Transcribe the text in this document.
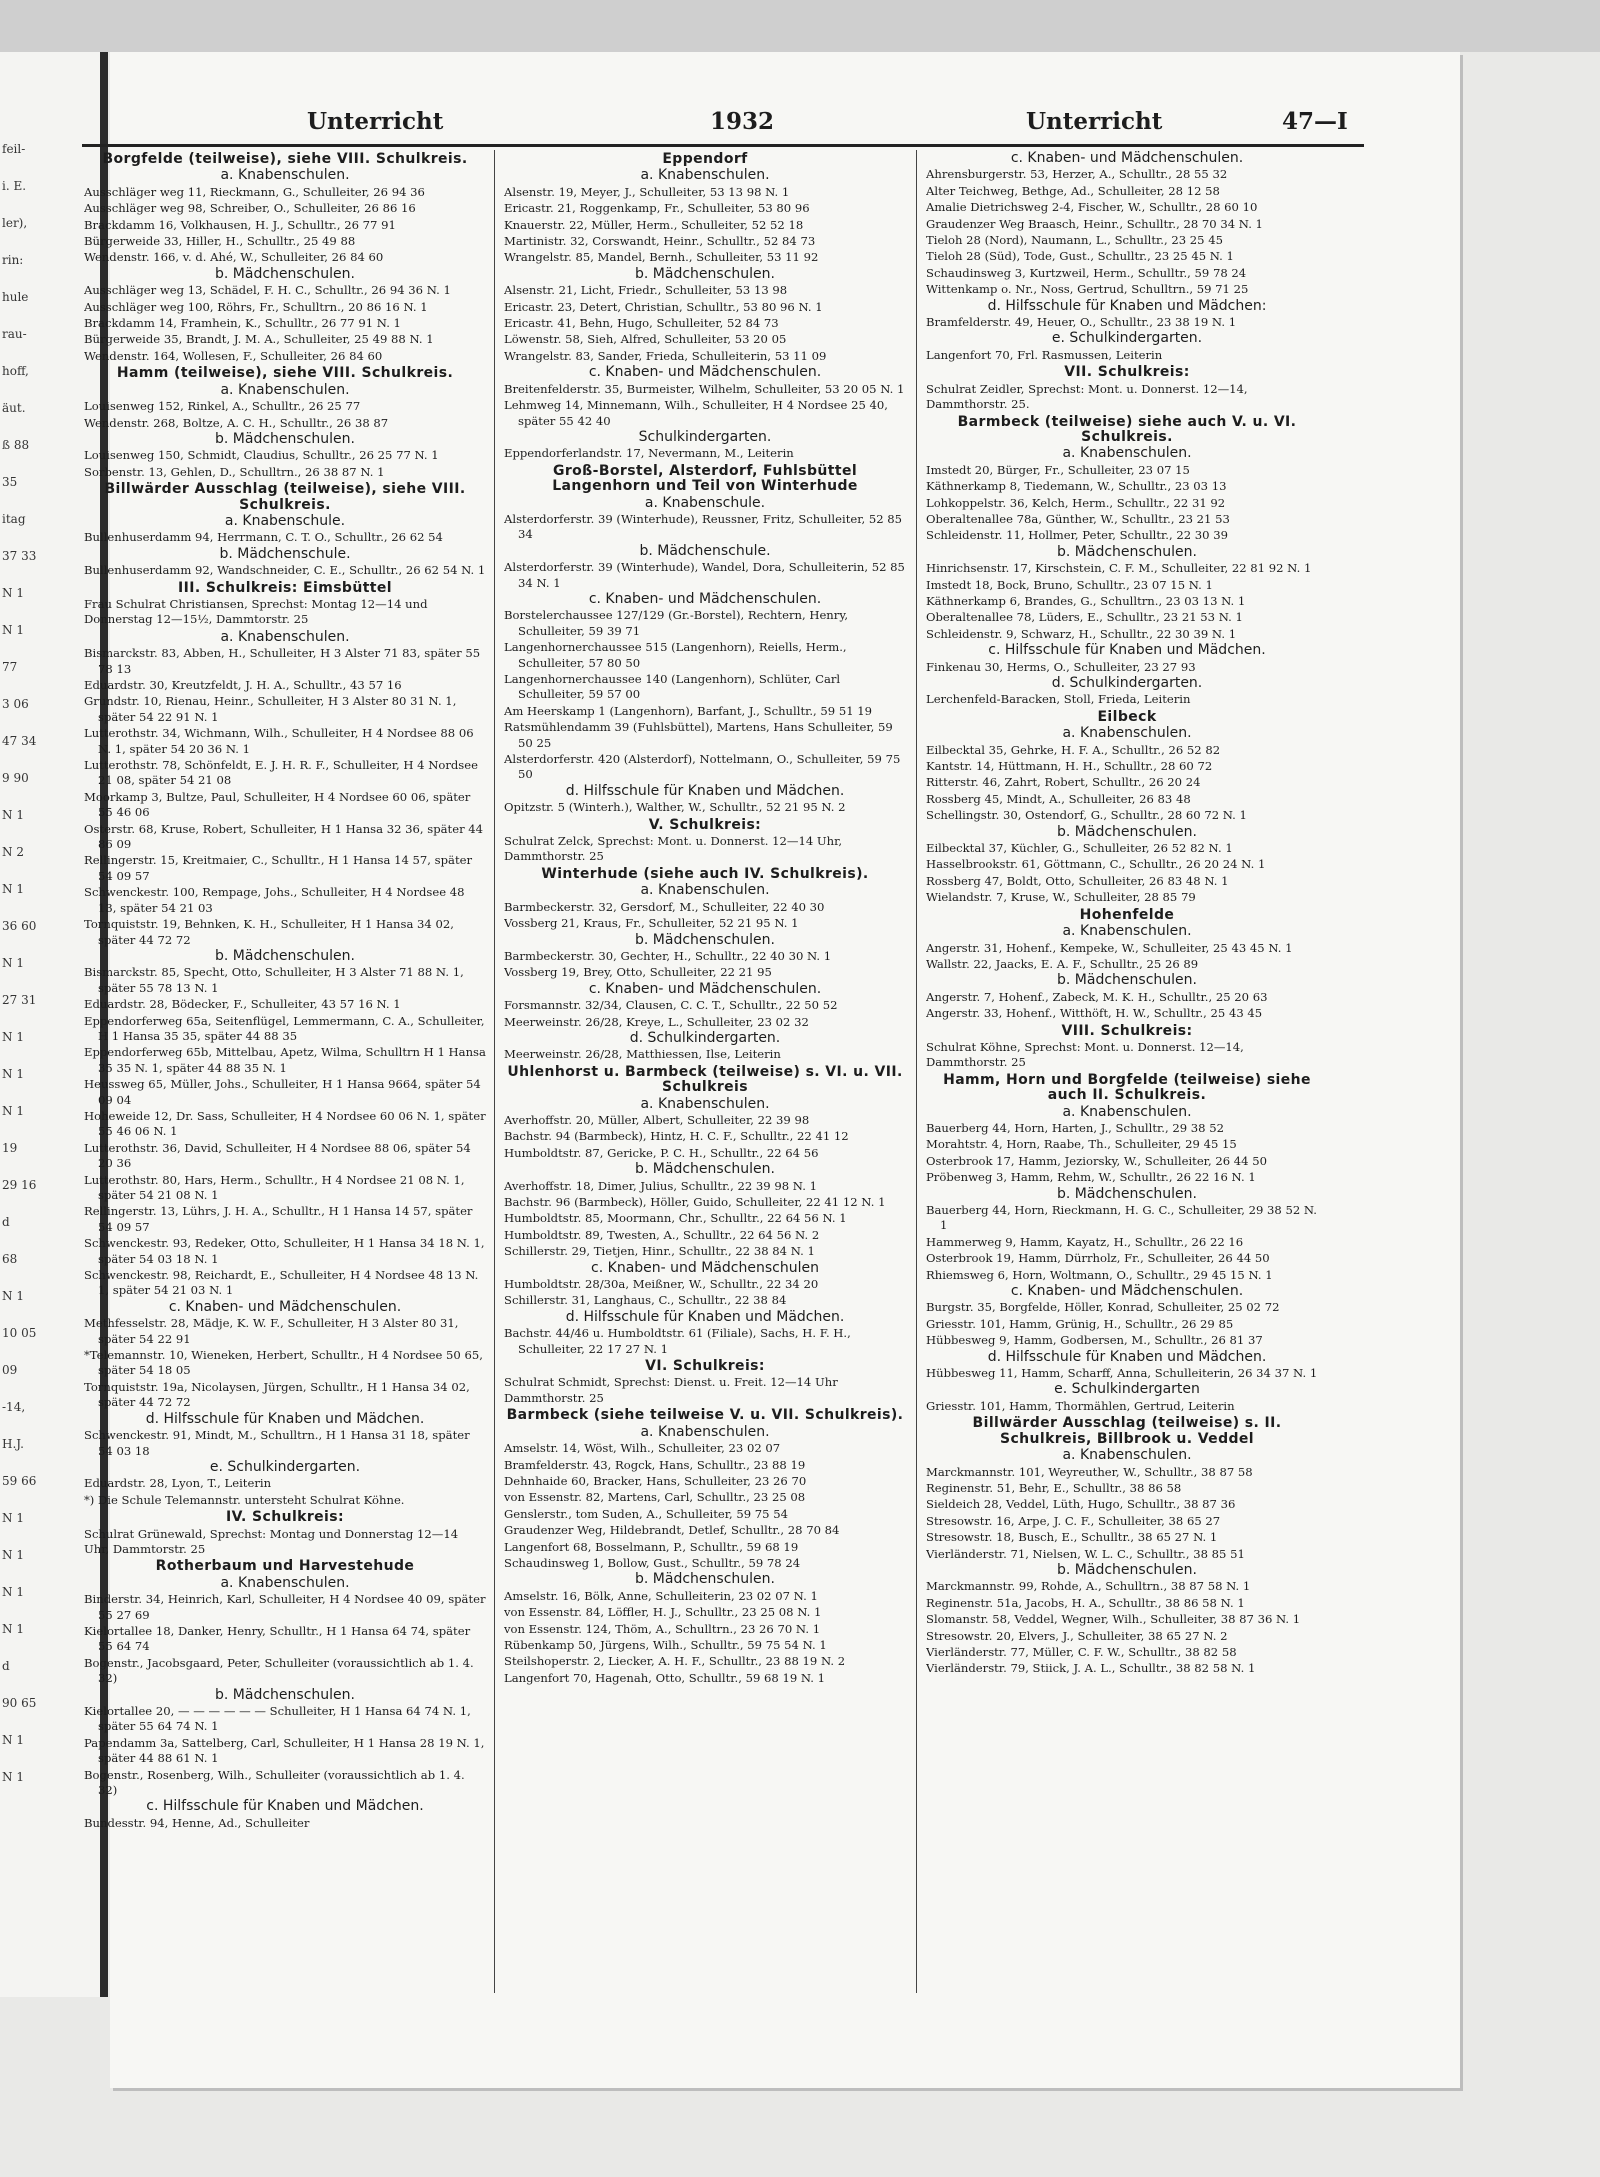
feil-

i. E.

ler),

rin:

hule

rau-

hoff,

äut.

ß 88

35

itag

37 33

N 1

N 1

77

3 06

47 34

9 90

N 1

N 2

N 1

36 60

N 1

27 31

N 1

N 1

N 1

19

29 16

d

68

N 1

10 05

09

-14,

H.J.

59 66

N 1

N 1

N 1

N 1

d

90 65

N 1

N 1

Unterricht	1932	Unterricht	47—I

Borgfelde (teilweise), siehe VIII. Schulkreis.

a. Knabenschulen.

Ausschläger weg 11, Rieckmann, G., Schulleiter, 26 94 36

Ausschläger weg 98, Schreiber, O., Schulleiter, 26 86 16

Brackdamm 16, Volkhausen, H. J., Schulltr., 26 77 91

Bürgerweide 33, Hiller, H., Schulltr., 25 49 88

Wendenstr. 166, v. d. Ahé, W., Schulleiter, 26 84 60

b. Mädchenschulen.

Ausschläger weg 13, Schädel, F. H. C., Schulltr., 26 94 36 N. 1

Ausschläger weg 100, Röhrs, Fr., Schulltrn., 20 86 16 N. 1

Brackdamm 14, Framhein, K., Schulltr., 26 77 91 N. 1

Bürgerweide 35, Brandt, J. M. A., Schulleiter, 25 49 88 N. 1

Wendenstr. 164, Wollesen, F., Schulleiter, 26 84 60

Hamm (teilweise), siehe VIII. Schulkreis.

a. Knabenschulen.

Louisenweg 152, Rinkel, A., Schulltr., 26 25 77

Wendenstr. 268, Boltze, A. C. H., Schulltr., 26 38 87

b. Mädchenschulen.

Louisenweg 150, Schmidt, Claudius, Schulltr., 26 25 77 N. 1

Sorbenstr. 13, Gehlen, D., Schulltrn., 26 38 87 N. 1

Billwärder Ausschlag (teilweise), siehe VIII. Schulkreis.

a. Knabenschule.

Bullenhuserdamm 94, Herrmann, C. T. O., Schulltr., 26 62 54

b. Mädchenschule.

Bullenhuserdamm 92, Wandschneider, C. E., Schulltr., 26 62 54 N. 1

III. Schulkreis: Eimsbüttel

Frau Schulrat Christiansen, Sprechst: Montag 12—14 und Donnerstag 12—15½, Dammtorstr. 25

a. Knabenschulen.

Bismarckstr. 83, Abben, H., Schulleiter, H 3 Alster 71 83, später 55 78 13

Eduardstr. 30, Kreutzfeldt, J. H. A., Schulltr., 43 57 16

Grundstr. 10, Rienau, Heinr., Schulleiter, H 3 Alster 80 31 N. 1, später 54 22 91 N. 1

Lutterothstr. 34, Wichmann, Wilh., Schulleiter, H 4 Nordsee 88 06 N. 1, später 54 20 36 N. 1

Lutterothstr. 78, Schönfeldt, E. J. H. R. F., Schulleiter, H 4 Nordsee 21 08, später 54 21 08

Moorkamp 3, Bultze, Paul, Schulleiter, H 4 Nordsee 60 06, später 55 46 06

Osterstr. 68, Kruse, Robert, Schulleiter, H 1 Hansa 32 36, später 44 86 09

Rellingerstr. 15, Kreitmaier, C., Schulltr., H 1 Hansa 14 57, später 54 09 57

Schwenckestr. 100, Rempage, Johs., Schulleiter, H 4 Nordsee 48 13, später 54 21 03

Tornquiststr. 19, Behnken, K. H., Schulleiter, H 1 Hansa 34 02, später 44 72 72

b. Mädchenschulen.

Bismarckstr. 85, Specht, Otto, Schulleiter, H 3 Alster 71 88 N. 1, später 55 78 13 N. 1

Eduardstr. 28, Bödecker, F., Schulleiter, 43 57 16 N. 1

Eppendorferweg 65a, Seitenflügel, Lemmermann, C. A., Schulleiter, H 1 Hansa 35 35, später 44 88 35

Eppendorferweg 65b, Mittelbau, Apetz, Wilma, Schulltrn H 1 Hansa 35 35 N. 1, später 44 88 35 N. 1

Heussweg 65, Müller, Johs., Schulleiter, H 1 Hansa 9664, später 54 09 04

Hoheweide 12, Dr. Sass, Schulleiter, H 4 Nordsee 60 06 N. 1, später 55 46 06 N. 1

Lutterothstr. 36, David, Schulleiter, H 4 Nordsee 88 06, später 54 20 36

Lutterothstr. 80, Hars, Herm., Schulltr., H 4 Nordsee 21 08 N. 1, später 54 21 08 N. 1

Rellingerstr. 13, Lührs, J. H. A., Schulltr., H 1 Hansa 14 57, später 54 09 57

Schwenckestr. 93, Redeker, Otto, Schulleiter, H 1 Hansa 34 18 N. 1, später 54 03 18 N. 1

Schwenckestr. 98, Reichardt, E., Schulleiter, H 4 Nordsee 48 13 N. 1, später 54 21 03 N. 1

c. Knaben- und Mädchenschulen.

Methfesselstr. 28, Mädje, K. W. F., Schulleiter, H 3 Alster 80 31, später 54 22 91

*Telemannstr. 10, Wieneken, Herbert, Schulltr., H 4 Nordsee 50 65, später 54 18 05

Tornquiststr. 19a, Nicolaysen, Jürgen, Schulltr., H 1 Hansa 34 02, später 44 72 72

d. Hilfsschule für Knaben und Mädchen.

Schwenckestr. 91, Mindt, M., Schulltrn., H 1 Hansa 31 18, später 54 03 18

e. Schulkindergarten.

Eduardstr. 28, Lyon, T., Leiterin

*) Die Schule Telemannstr. untersteht Schulrat Köhne.

IV. Schulkreis:

Schulrat Grünewald, Sprechst: Montag und Donnerstag 12—14 Uhr, Dammtorstr. 25

Rotherbaum und Harvestehude

a. Knabenschulen.

Binderstr. 34, Heinrich, Karl, Schulleiter, H 4 Nordsee 40 09, später 55 27 69

Kielortallee 18, Danker, Henry, Schulltr., H 1 Hansa 64 74, später 55 64 74

Bogenstr., Jacobsgaard, Peter, Schulleiter (voraussichtlich ab 1. 4. 32)

b. Mädchenschulen.

Kielortallee 20, — — — — — — Schulleiter, H 1 Hansa 64 74 N. 1, später 55 64 74 N. 1

Papendamm 3a, Sattelberg, Carl, Schulleiter, H 1 Hansa 28 19 N. 1, später 44 88 61 N. 1

Bogenstr., Rosenberg, Wilh., Schulleiter (voraussichtlich ab 1. 4. 32)

c. Hilfsschule für Knaben und Mädchen.

Bundesstr. 94, Henne, Ad., Schulleiter

Eppendorf

a. Knabenschulen.

Alsenstr. 19, Meyer, J., Schulleiter, 53 13 98 N. 1

Ericastr. 21, Roggenkamp, Fr., Schulleiter, 53 80 96

Knauerstr. 22, Müller, Herm., Schulleiter, 52 52 18

Martinistr. 32, Corswandt, Heinr., Schulltr., 52 84 73

Wrangelstr. 85, Mandel, Bernh., Schulleiter, 53 11 92

b. Mädchenschulen.

Alsenstr. 21, Licht, Friedr., Schulleiter, 53 13 98

Ericastr. 23, Detert, Christian, Schulltr., 53 80 96 N. 1

Ericastr. 41, Behn, Hugo, Schulleiter, 52 84 73

Löwenstr. 58, Sieh, Alfred, Schulleiter, 53 20 05

Wrangelstr. 83, Sander, Frieda, Schulleiterin, 53 11 09

c. Knaben- und Mädchenschulen.

Breitenfelderstr. 35, Burmeister, Wilhelm, Schulleiter, 53 20 05 N. 1

Lehmweg 14, Minnemann, Wilh., Schulleiter, H 4 Nordsee 25 40, später 55 42 40

Schulkindergarten.

Eppendorferlandstr. 17, Nevermann, M., Leiterin

Groß-Borstel, Alsterdorf, Fuhlsbüttel Langenhorn und Teil von Winterhude

a. Knabenschule.

Alsterdorferstr. 39 (Winterhude), Reussner, Fritz, Schulleiter, 52 85 34

b. Mädchenschule.

Alsterdorferstr. 39 (Winterhude), Wandel, Dora, Schulleiterin, 52 85 34 N. 1

c. Knaben- und Mädchenschulen.

Borstelerchaussee 127/129 (Gr.-Borstel), Rechtern, Henry, Schulleiter, 59 39 71

Langenhornerchaussee 515 (Langenhorn), Reiells, Herm., Schulleiter, 57 80 50

Langenhornerchaussee 140 (Langenhorn), Schlüter, Carl Schulleiter, 59 57 00

Am Heerskamp 1 (Langenhorn), Barfant, J., Schulltr., 59 51 19

Ratsmühlendamm 39 (Fuhlsbüttel), Martens, Hans Schulleiter, 59 50 25

Alsterdorferstr. 420 (Alsterdorf), Nottelmann, O., Schulleiter, 59 75 50

d. Hilfsschule für Knaben und Mädchen.

Opitzstr. 5 (Winterh.), Walther, W., Schulltr., 52 21 95 N. 2

V. Schulkreis:

Schulrat Zelck, Sprechst: Mont. u. Donnerst. 12—14 Uhr, Dammthorstr. 25

Winterhude (siehe auch IV. Schulkreis).

a. Knabenschulen.

Barmbeckerstr. 32, Gersdorf, M., Schulleiter, 22 40 30

Vossberg 21, Kraus, Fr., Schulleiter, 52 21 95 N. 1

b. Mädchenschulen.

Barmbeckerstr. 30, Gechter, H., Schulltr., 22 40 30 N. 1

Vossberg 19, Brey, Otto, Schulleiter, 22 21 95

c. Knaben- und Mädchenschulen.

Forsmannstr. 32/34, Clausen, C. C. T., Schulltr., 22 50 52

Meerweinstr. 26/28, Kreye, L., Schulleiter, 23 02 32

d. Schulkindergarten.

Meerweinstr. 26/28, Matthiessen, Ilse, Leiterin

Uhlenhorst u. Barmbeck (teilweise) s. VI. u. VII. Schulkreis

a. Knabenschulen.

Averhoffstr. 20, Müller, Albert, Schulleiter, 22 39 98

Bachstr. 94 (Barmbeck), Hintz, H. C. F., Schulltr., 22 41 12

Humboldtstr. 87, Gericke, P. C. H., Schulltr., 22 64 56

b. Mädchenschulen.

Averhoffstr. 18, Dimer, Julius, Schulltr., 22 39 98 N. 1

Bachstr. 96 (Barmbeck), Höller, Guido, Schulleiter, 22 41 12 N. 1

Humboldtstr. 85, Moormann, Chr., Schulltr., 22 64 56 N. 1

Humboldtstr. 89, Twesten, A., Schulltr., 22 64 56 N. 2

Schillerstr. 29, Tietjen, Hinr., Schulltr., 22 38 84 N. 1

c. Knaben- und Mädchenschulen

Humboldtstr. 28/30a, Meißner, W., Schulltr., 22 34 20

Schillerstr. 31, Langhaus, C., Schulltr., 22 38 84

d. Hilfsschule für Knaben und Mädchen.

Bachstr. 44/46 u. Humboldtstr. 61 (Filiale), Sachs, H. F. H., Schulleiter, 22 17 27 N. 1

VI. Schulkreis:

Schulrat Schmidt, Sprechst: Dienst. u. Freit. 12—14 Uhr Dammthorstr. 25

Barmbeck (siehe teilweise V. u. VII. Schulkreis).

a. Knabenschulen.

Amselstr. 14, Wöst, Wilh., Schulleiter, 23 02 07

Bramfelderstr. 43, Rogck, Hans, Schulltr., 23 88 19

Dehnhaide 60, Bracker, Hans, Schulleiter, 23 26 70

von Essenstr. 82, Martens, Carl, Schulltr., 23 25 08

Genslerstr., tom Suden, A., Schulleiter, 59 75 54

Graudenzer Weg, Hildebrandt, Detlef, Schulltr., 28 70 84

Langenfort 68, Bosselmann, P., Schulltr., 59 68 19

Schaudinsweg 1, Bollow, Gust., Schulltr., 59 78 24

b. Mädchenschulen.

Amselstr. 16, Bölk, Anne, Schulleiterin, 23 02 07 N. 1

von Essenstr. 84, Löffler, H. J., Schulltr., 23 25 08 N. 1

von Essenstr. 124, Thöm, A., Schulltrn., 23 26 70 N. 1

Rübenkamp 50, Jürgens, Wilh., Schulltr., 59 75 54 N. 1

Steilshoperstr. 2, Liecker, A. H. F., Schulltr., 23 88 19 N. 2

Langenfort 70, Hagenah, Otto, Schulltr., 59 68 19 N. 1

c. Knaben- und Mädchenschulen.

Ahrensburgerstr. 53, Herzer, A., Schulltr., 28 55 32

Alter Teichweg, Bethge, Ad., Schulleiter, 28 12 58

Amalie Dietrichsweg 2-4, Fischer, W., Schulltr., 28 60 10

Graudenzer Weg Braasch, Heinr., Schulltr., 28 70 34 N. 1

Tieloh 28 (Nord), Naumann, L., Schulltr., 23 25 45

Tieloh 28 (Süd), Tode, Gust., Schulltr., 23 25 45 N. 1

Schaudinsweg 3, Kurtzweil, Herm., Schulltr., 59 78 24

Wittenkamp o. Nr., Noss, Gertrud, Schulltrn., 59 71 25

d. Hilfsschule für Knaben und Mädchen:

Bramfelderstr. 49, Heuer, O., Schulltr., 23 38 19 N. 1

e. Schulkindergarten.

Langenfort 70, Frl. Rasmussen, Leiterin

VII. Schulkreis:

Schulrat Zeidler, Sprechst: Mont. u. Donnerst. 12—14, Dammthorstr. 25.

Barmbeck (teilweise) siehe auch V. u. VI. Schulkreis.

a. Knabenschulen.

Imstedt 20, Bürger, Fr., Schulleiter, 23 07 15

Käthnerkamp 8, Tiedemann, W., Schulltr., 23 03 13

Lohkoppelstr. 36, Kelch, Herm., Schulltr., 22 31 92

Oberaltenallee 78a, Günther, W., Schulltr., 23 21 53

Schleidenstr. 11, Hollmer, Peter, Schulltr., 22 30 39

b. Mädchenschulen.

Hinrichsenstr. 17, Kirschstein, C. F. M., Schulleiter, 22 81 92 N. 1

Imstedt 18, Bock, Bruno, Schulltr., 23 07 15 N. 1

Käthnerkamp 6, Brandes, G., Schulltrn., 23 03 13 N. 1

Oberaltenallee 78, Lüders, E., Schulltr., 23 21 53 N. 1

Schleidenstr. 9, Schwarz, H., Schulltr., 22 30 39 N. 1

c. Hilfsschule für Knaben und Mädchen.

Finkenau 30, Herms, O., Schulleiter, 23 27 93

d. Schulkindergarten.

Lerchenfeld-Baracken, Stoll, Frieda, Leiterin

Eilbeck

a. Knabenschulen.

Eilbecktal 35, Gehrke, H. F. A., Schulltr., 26 52 82

Kantstr. 14, Hüttmann, H. H., Schulltr., 28 60 72

Ritterstr. 46, Zahrt, Robert, Schulltr., 26 20 24

Rossberg 45, Mindt, A., Schulleiter, 26 83 48

Schellingstr. 30, Ostendorf, G., Schulltr., 28 60 72 N. 1

b. Mädchenschulen.

Eilbecktal 37, Küchler, G., Schulleiter, 26 52 82 N. 1

Hasselbrookstr. 61, Göttmann, C., Schulltr., 26 20 24 N. 1

Rossberg 47, Boldt, Otto, Schulleiter, 26 83 48 N. 1

Wielandstr. 7, Kruse, W., Schulleiter, 28 85 79

Hohenfelde

a. Knabenschulen.

Angerstr. 31, Hohenf., Kempeke, W., Schulleiter, 25 43 45 N. 1

Wallstr. 22, Jaacks, E. A. F., Schulltr., 25 26 89

b. Mädchenschulen.

Angerstr. 7, Hohenf., Zabeck, M. K. H., Schulltr., 25 20 63

Angerstr. 33, Hohenf., Witthöft, H. W., Schulltr., 25 43 45

VIII. Schulkreis:

Schulrat Köhne, Sprechst: Mont. u. Donnerst. 12—14, Dammthorstr. 25

Hamm, Horn und Borgfelde (teilweise) siehe auch II. Schulkreis.

a. Knabenschulen.

Bauerberg 44, Horn, Harten, J., Schulltr., 29 38 52

Morahtstr. 4, Horn, Raabe, Th., Schulleiter, 29 45 15

Osterbrook 17, Hamm, Jeziorsky, W., Schulleiter, 26 44 50

Pröbenweg 3, Hamm, Rehm, W., Schulltr., 26 22 16 N. 1

b. Mädchenschulen.

Bauerberg 44, Horn, Rieckmann, H. G. C., Schulleiter, 29 38 52 N. 1

Hammerweg 9, Hamm, Kayatz, H., Schulltr., 26 22 16

Osterbrook 19, Hamm, Dürrholz, Fr., Schulleiter, 26 44 50

Rhiemsweg 6, Horn, Woltmann, O., Schulltr., 29 45 15 N. 1

c. Knaben- und Mädchenschulen.

Burgstr. 35, Borgfelde, Höller, Konrad, Schulleiter, 25 02 72

Griesstr. 101, Hamm, Grünig, H., Schulltr., 26 29 85

Hübbesweg 9, Hamm, Godbersen, M., Schulltr., 26 81 37

d. Hilfsschule für Knaben und Mädchen.

Hübbesweg 11, Hamm, Scharff, Anna, Schulleiterin, 26 34 37 N. 1

e. Schulkindergarten

Griesstr. 101, Hamm, Thormählen, Gertrud, Leiterin

Billwärder Ausschlag (teilweise) s. II. Schulkreis, Billbrook u. Veddel

a. Knabenschulen.

Marckmannstr. 101, Weyreuther, W., Schulltr., 38 87 58

Reginenstr. 51, Behr, E., Schulltr., 38 86 58

Sieldeich 28, Veddel, Lüth, Hugo, Schulltr., 38 87 36

Stresowstr. 16, Arpe, J. C. F., Schulleiter, 38 65 27

Stresowstr. 18, Busch, E., Schulltr., 38 65 27 N. 1

Vierländerstr. 71, Nielsen, W. L. C., Schulltr., 38 85 51

b. Mädchenschulen.

Marckmannstr. 99, Rohde, A., Schulltrn., 38 87 58 N. 1

Reginenstr. 51a, Jacobs, H. A., Schulltr., 38 86 58 N. 1

Slomanstr. 58, Veddel, Wegner, Wilh., Schulleiter, 38 87 36 N. 1

Stresowstr. 20, Elvers, J., Schulleiter, 38 65 27 N. 2

Vierländerstr. 77, Müller, C. F. W., Schulltr., 38 82 58

Vierländerstr. 79, Stiick, J. A. L., Schulltr., 38 82 58 N. 1
